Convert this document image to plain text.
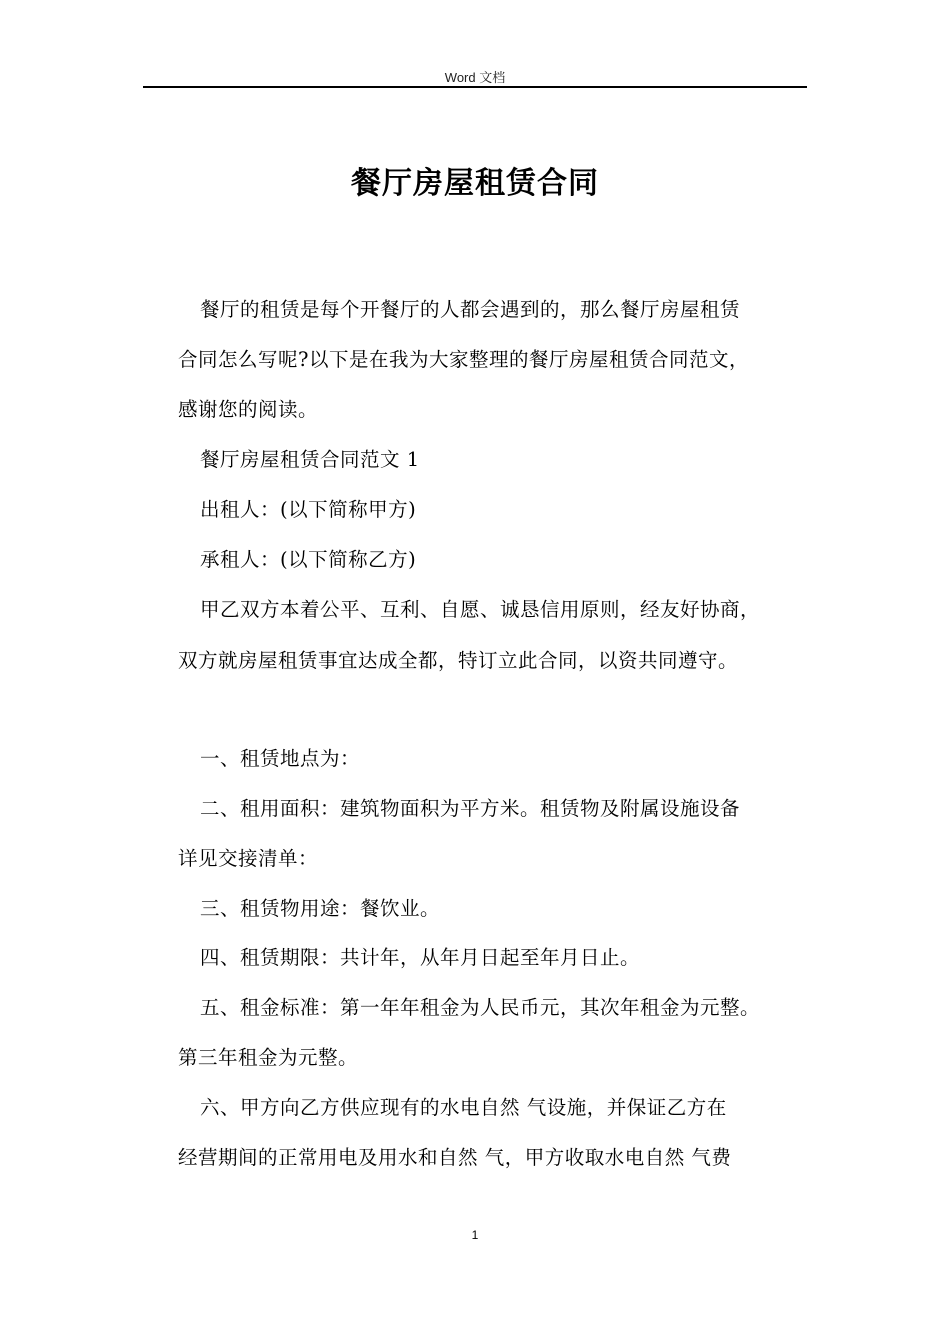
Word 文档
餐厅房屋租赁合同
餐厅的租赁是每个开餐厅的人都会遇到的，那么餐厅房屋租赁
合同怎么写呢?以下是在我为大家整理的餐厅房屋租赁合同范文，
感谢您的阅读。
餐厅房屋租赁合同范文 1
出租人：(以下简称甲方)
承租人：(以下简称乙方)
甲乙双方本着公平、互利、自愿、诚恳信用原则，经友好协商，
双方就房屋租赁事宜达成全都，特订立此合同，以资共同遵守。
一、租赁地点为：
二、租用面积：建筑物面积为平方米。租赁物及附属设施设备
详见交接清单：
三、租赁物用途：餐饮业。
四、租赁期限：共计年，从年月日起至年月日止。
五、租金标准：第一年年租金为人民币元，其次年租金为元整。
第三年租金为元整。
六、甲方向乙方供应现有的水电自然 气设施，并保证乙方在
经营期间的正常用电及用水和自然 气，甲方收取水电自然 气费
1
